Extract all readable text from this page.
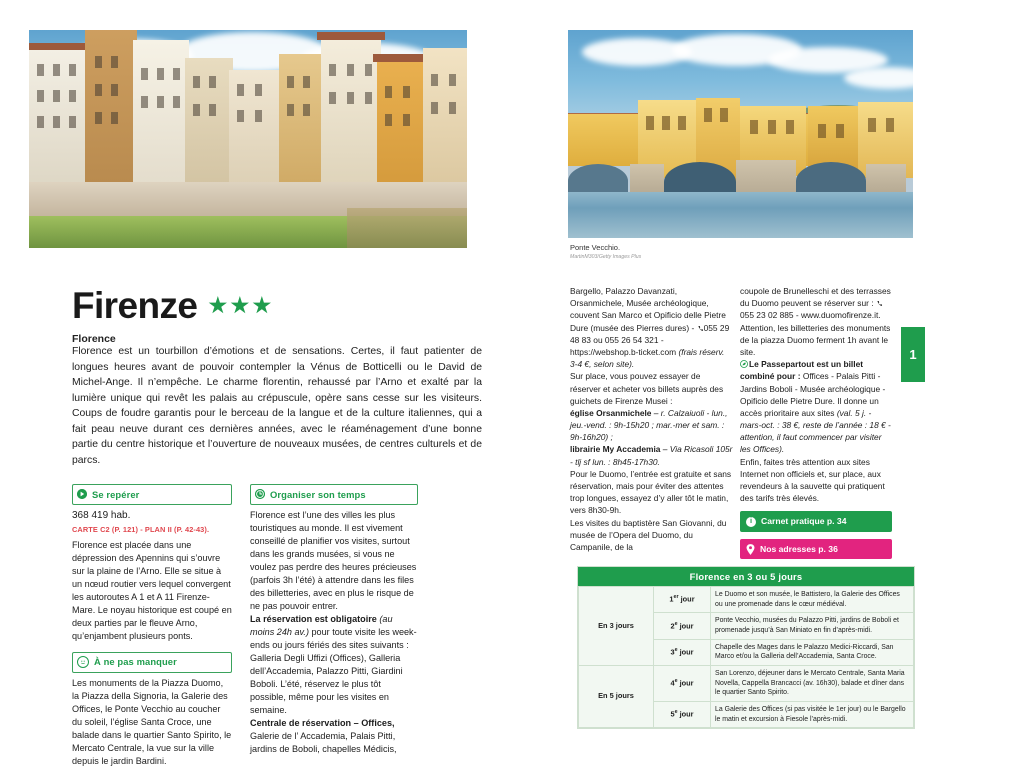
Ponte Vecchio.
MartinM303/Getty Images Plus
Firenze
Florence
Florence est un tourbillon d’émotions et de sensations. Certes, il faut patienter de longues heures avant de pouvoir contempler la Vénus de Botticelli ou le David de Michel-Ange. Il n’empêche. Le charme florentin, rehaussé par l’Arno et exalté par la lumière unique qui revêt les palais au crépuscule, opère sans cesse sur les visiteurs. Coups de foudre garantis pour le berceau de la langue et de la culture italiennes, qui a fait peau neuve durant ces dernières années, avec le réaménagement d’une bonne partie du centre historique et l’ouverture de nouveaux musées, de centres culturels et de parcs.
Se repérer
368 419 hab.
CARTE C2 (P. 121) - PLAN II (P. 42-43).
Florence est placée dans une dépression des Apennins qui s’ouvre sur la plaine de l’Arno. Elle se situe à un nœud routier vers lequel convergent les autoroutes A 1 et A 11 Firenze-Mare. Le noyau historique est coupé en deux parties par le fleuve Arno, qu’enjambent plusieurs ponts.
À ne pas manquer
Les monuments de la Piazza Duomo, la Piazza della Signoria, la Galerie des Offices, le Ponte Vecchio au coucher du soleil, l’église Santa Croce, une balade dans le quartier Santo Spirito, le Mercato Centrale, la vue sur la ville depuis le jardin Bardini.
Organiser son temps
Florence est l’une des villes les plus touristiques au monde. Il est vivement conseillé de planifier vos visites, surtout dans les grands musées, si vous ne voulez pas perdre des heures précieuses (parfois 3h l’été) à attendre dans les files des billetteries, avec en plus le risque de ne pas pouvoir entrer.
La réservation est obligatoire (au moins 24h av.) pour toute visite les week-ends ou jours fériés des sites suivants : Galleria Degli Uffizi (Offices), Galleria dell’Accademia, Palazzo Pitti, Giardini Boboli. L’été, réservez le plus tôt possible, même pour les visites en semaine.
Centrale de réservation – Offices, Galerie de l’ Accademia, Palais Pitti, jardins de Boboli, chapelles Médicis,
Bargello, Palazzo Davanzati, Orsanmichele, Musée archéologique, couvent San Marco et Opificio delle Pietre Dure (musée des Pierres dures) - 055 29 48 83 ou 055 26 54 321 - https://webshop.b-ticket.com (frais réserv. 3-4 €, selon site).
Sur place, vous pouvez essayer de réserver et acheter vos billets auprès des guichets de Firenze Musei :
église Orsanmichele – r. Calzaiuoli - lun., jeu.-vend. : 9h-15h20 ; mar.-mer et sam. : 9h-16h20) ;
librairie My Accademia – Via Ricasoli 105r - tlj sf lun. : 8h45-17h30.
Pour le Duomo, l’entrée est gratuite et sans réservation, mais pour éviter des attentes trop longues, essayez d’y aller tôt le matin, vers 8h30-9h.
Les visites du baptistère San Giovanni, du musée de l’Opera del Duomo, du Campanile, de la
coupole de Brunelleschi et des terrasses du Duomo peuvent se réserver sur : 055 23 02 885 - www.duomofirenze.it. Attention, les billetteries des monuments de la piazza Duomo ferment 1h avant le site.
Le Passepartout est un billet combiné pour : Offices - Palais Pitti - Jardins Boboli - Musée archéologique - Opificio delle Pietre Dure. Il donne un accès prioritaire aux sites (val. 5 j. - mars-oct. : 38 €, reste de l’année : 18 € - attention, il faut commencer par visiter les Offices).
Enfin, faites très attention aux sites Internet non officiels et, sur place, aux revendeurs à la sauvette qui pratiquent des tarifs très élevés.
i	Carnet pratique p. 34
Nos adresses p. 36
1
Florence en 3 ou 5 jours
En 3 jours	1er jour	Le Duomo et son musée, le Battistero, la Galerie des Offices ou une promenade dans le cœur médiéval.
	2e jour	Ponte Vecchio, musées du Palazzo Pitti, jardins de Boboli et promenade jusqu’à San Miniato en fin d’après-midi.
	3e jour	Chapelle des Mages dans le Palazzo Medici-Riccardi, San Marco et/ou la Galleria dell’Accademia, Santa Croce.
En 5 jours	4e jour	San Lorenzo, déjeuner dans le Mercato Centrale, Santa Maria Novella, Cappella Brancacci (av. 16h30), balade et dîner dans le quartier Santo Spirito.
	5e jour	La Galerie des Offices (si pas visitée le 1er jour) ou le Bargello le matin et excursion à Fiesole l’après-midi.
